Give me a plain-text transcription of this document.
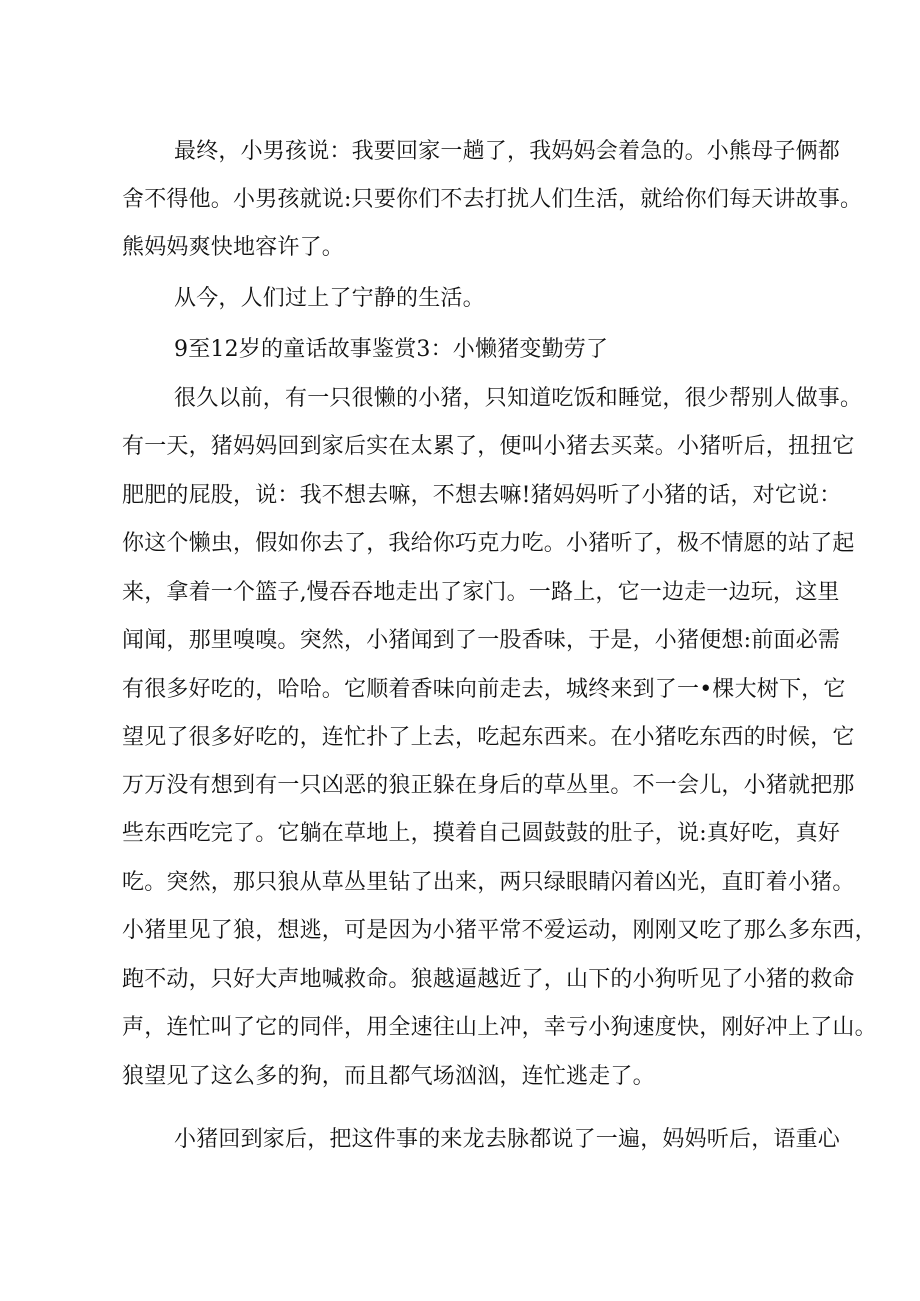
最终，小男孩说：我要回家一趟了，我妈妈会着急的。小熊母子俩都
舍不得他。小男孩就说:只要你们不去打扰人们生活，就给你们每天讲故事。
熊妈妈爽快地容许了。
从今，人们过上了宁静的生活。
9至12岁的童话故事鉴赏3：小懒猪变勤劳了
很久以前，有一只很懒的小猪，只知道吃饭和睡觉，很少帮别人做事。
有一天，猪妈妈回到家后实在太累了，便叫小猪去买菜。小猪听后，扭扭它
肥肥的屁股，说：我不想去嘛，不想去嘛!猪妈妈听了小猪的话，对它说：
你这个懒虫，假如你去了，我给你巧克力吃。小猪听了，极不情愿的站了起
来，拿着一个篮子,慢吞吞地走出了家门。一路上，它一边走一边玩，这里
闻闻，那里嗅嗅。突然，小猪闻到了一股香味，于是，小猪便想:前面必需
有很多好吃的，哈哈。它顺着香味向前走去，城终来到了一•棵大树下，它
望见了很多好吃的，连忙扑了上去，吃起东西来。在小猪吃东西的时候，它
万万没有想到有一只凶恶的狼正躲在身后的草丛里。不一会儿，小猪就把那
些东西吃完了。它躺在草地上，摸着自己圆鼓鼓的肚子，说:真好吃，真好
吃。突然，那只狼从草丛里钻了出来，两只绿眼睛闪着凶光，直盯着小猪。
小猪里见了狼，想逃，可是因为小猪平常不爱运动，刚刚又吃了那么多东西，
跑不动，只好大声地喊救命。狼越逼越近了，山下的小狗听见了小猪的救命
声，连忙叫了它的同伴，用全速往山上冲，幸亏小狗速度快，刚好冲上了山。
狼望见了这么多的狗，而且都气场汹汹，连忙逃走了。
小猪回到家后，把这件事的来龙去脉都说了一遍，妈妈听后，语重心
